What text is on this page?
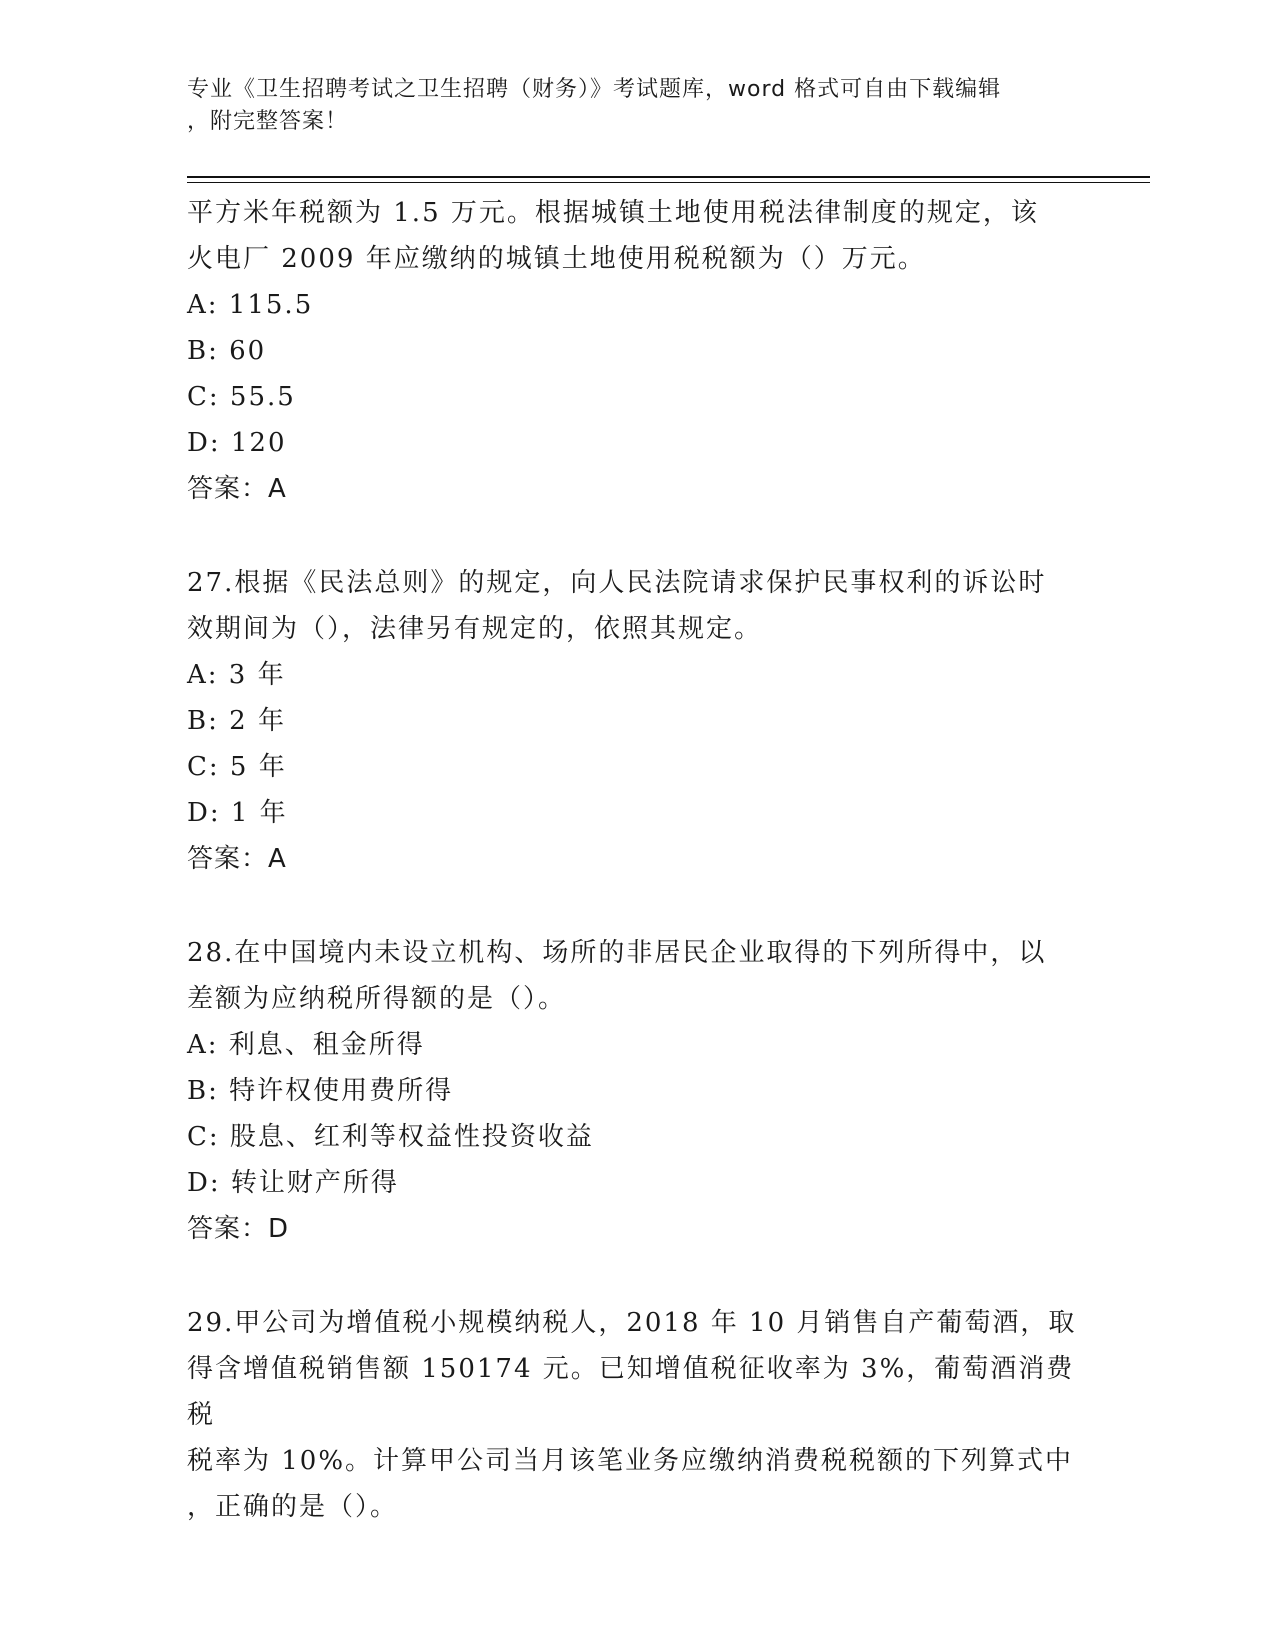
专业《卫生招聘考试之卫生招聘（财务）》考试题库，word 格式可自由下载编辑
，附完整答案！

平方米年税额为 1.5 万元。根据城镇土地使用税法律制度的规定，该

火电厂 2009 年应缴纳的城镇土地使用税税额为（）万元。

A: 115.5

B: 60

C: 55.5

D: 120

答案：A

27.根据《民法总则》的规定，向人民法院请求保护民事权利的诉讼时

效期间为（），法律另有规定的，依照其规定。

A: 3 年

B: 2 年

C: 5 年

D: 1 年

答案：A

28.在中国境内未设立机构、场所的非居民企业取得的下列所得中，以

差额为应纳税所得额的是（）。

A: 利息、租金所得

B: 特许权使用费所得

C: 股息、红利等权益性投资收益

D: 转让财产所得

答案：D

29.甲公司为增值税小规模纳税人，2018 年 10 月销售自产葡萄酒，取

得含增值税销售额 150174 元。已知增值税征收率为 3%，葡萄酒消费税

税率为 10%。计算甲公司当月该笔业务应缴纳消费税税额的下列算式中

，正确的是（）。
